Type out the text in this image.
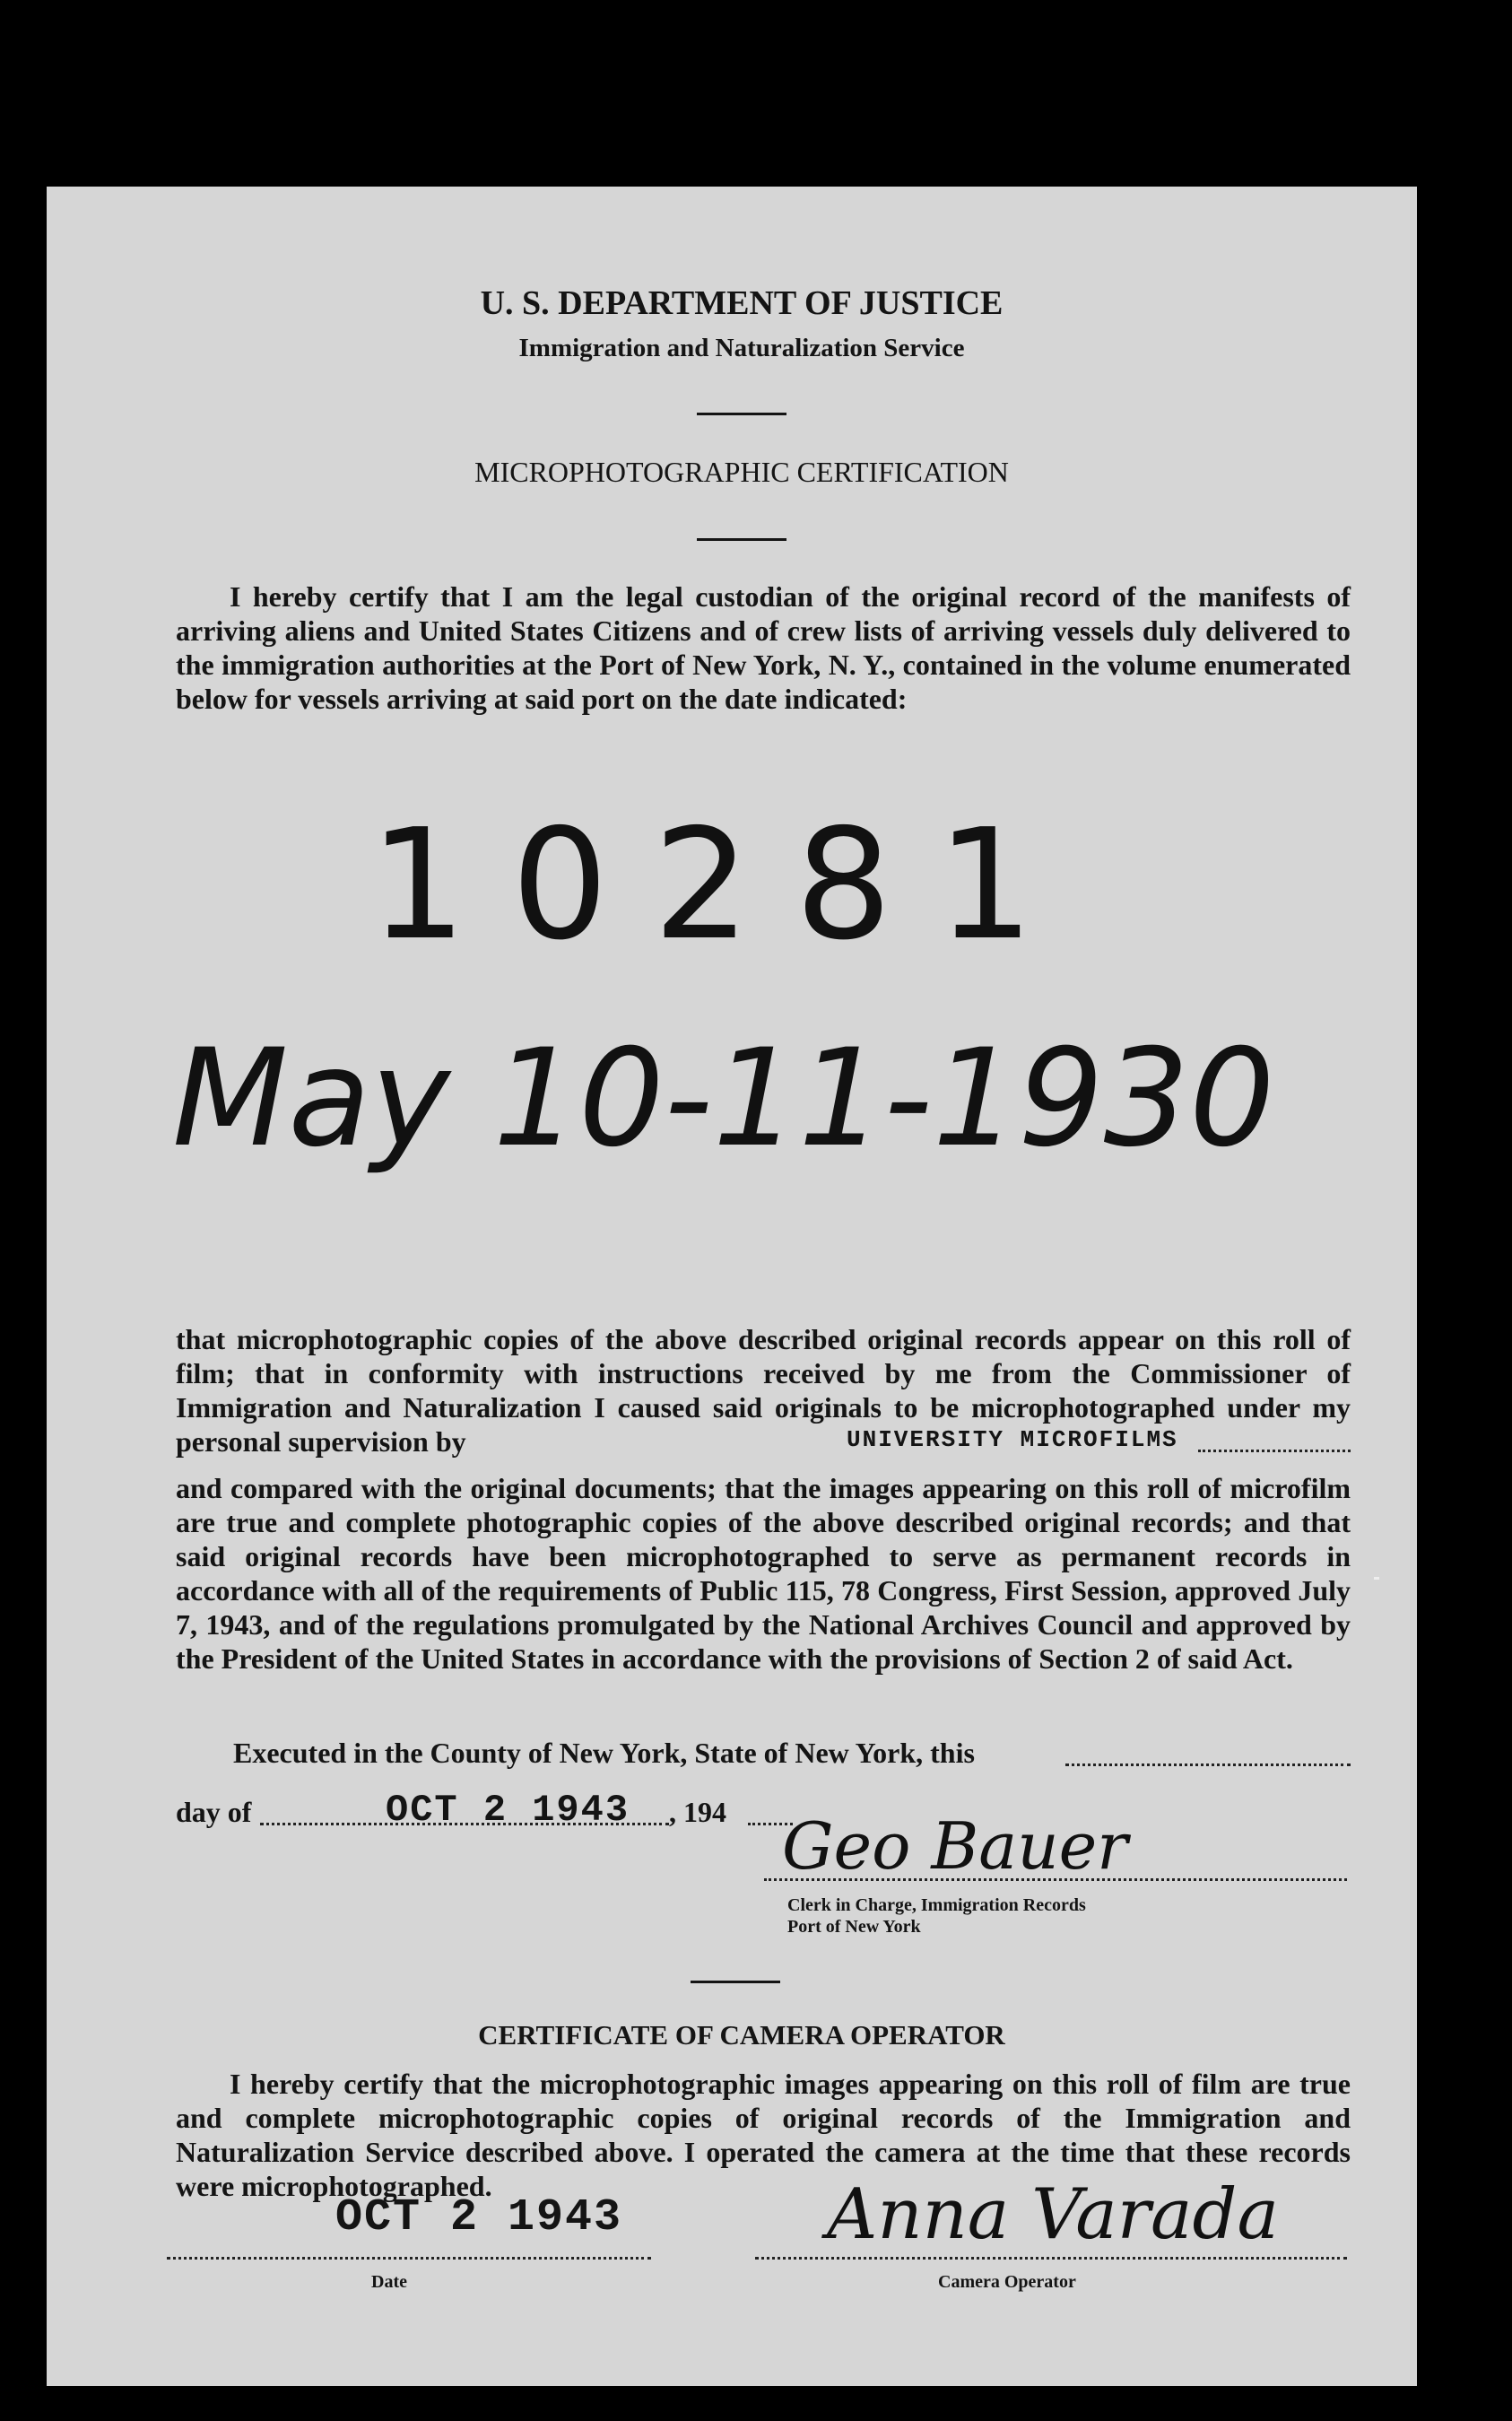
U. S. DEPARTMENT OF JUSTICE
Immigration and Naturalization Service
MICROPHOTOGRAPHIC CERTIFICATION

I hereby certify that I am the legal custodian of the original record of the manifests of arriving aliens and United States Citizens and of crew lists of arriving vessels duly delivered to the immigration authorities at the Port of New York, N. Y., contained in the volume enumerated below for vessels arriving at said port on the date indicated:

10281
May 10-11-1930

that microphotographic copies of the above described original records appear on this roll of film; that in conformity with instructions received by me from the Commissioner of Immigration and Naturalization I caused said originals to be microphotographed under my personal supervision by	UNIVERSITY MICROFILMS

and compared with the original documents; that the images appearing on this roll of microfilm are true and complete photographic copies of the above described original records; and that said original records have been microphotographed to serve as permanent records in accordance with all of the requirements of Public 115, 78 Congress, First Session, approved July 7, 1943, and of the regulations promulgated by the National Archives Council and approved by the President of the United States in accordance with the provisions of Section 2 of said Act.

Executed in the County of New York, State of New York, this
day of	OCT 2 1943 , 194 Geo Bauer
Clerk in Charge, Immigration Records
Port of New York
CERTIFICATE OF CAMERA OPERATOR

I hereby certify that the microphotographic images appearing on this roll of film are true and complete microphotographic copies of original records of the Immigration and Naturalization Service described above. I operated the camera at the time that these records were microphotographed.

OCT 2 1943
Date
Anna Varada
Camera Operator
